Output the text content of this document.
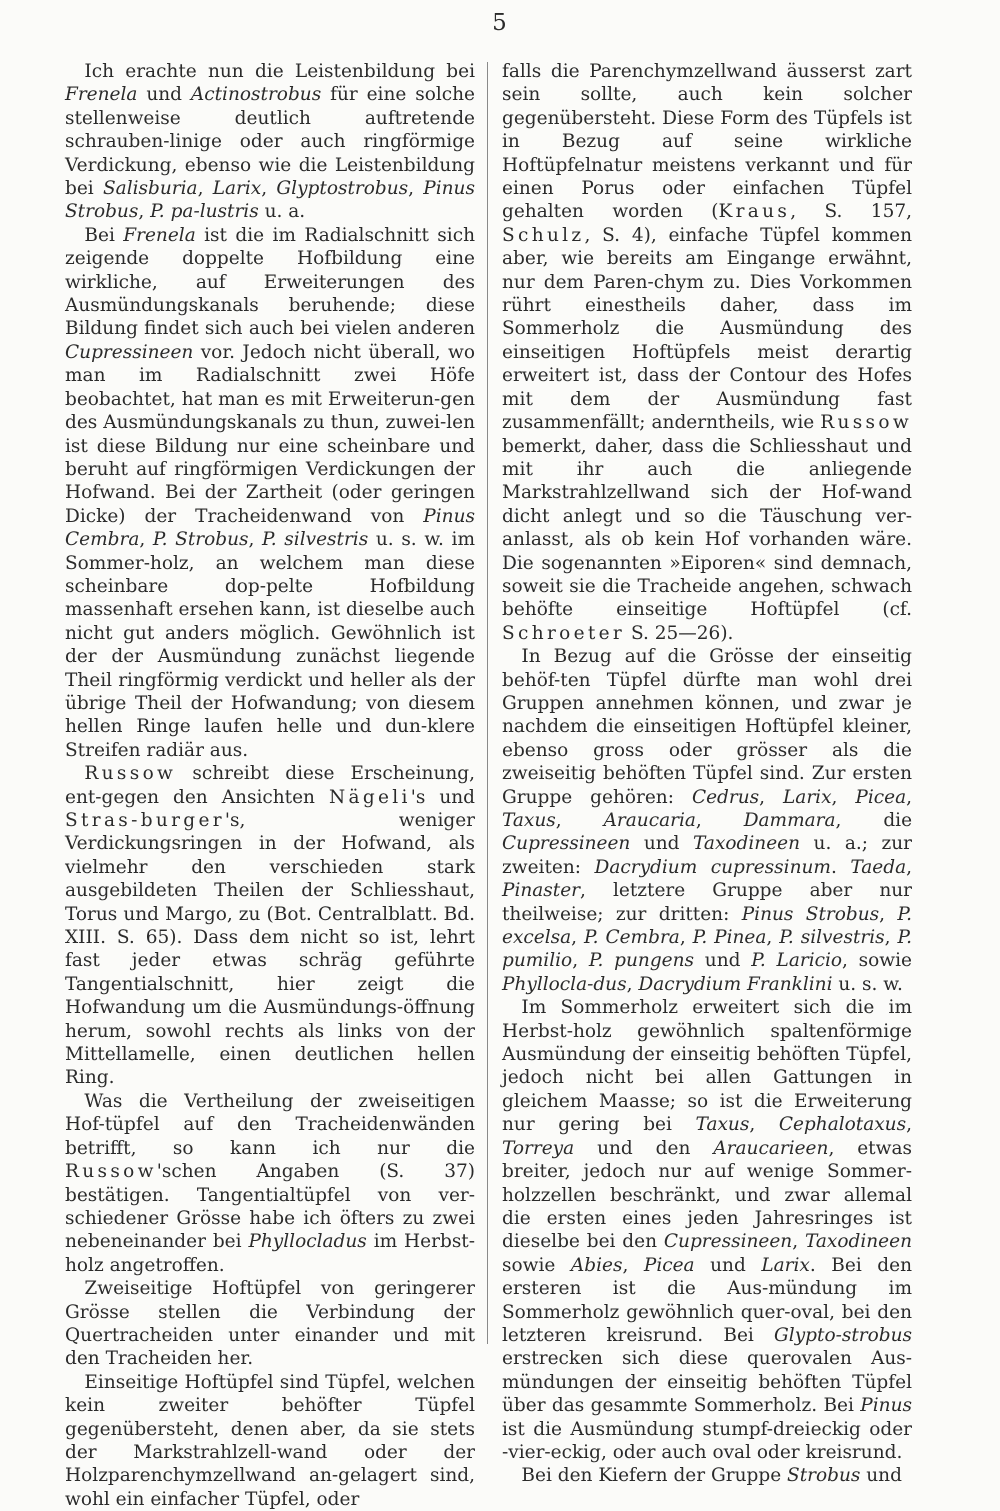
5

Ich erachte nun die Leistenbildung bei Frenela und Actinostrobus für eine solche stellenweise deutlich auftretende schrauben-linige oder auch ringförmige Verdickung, ebenso wie die Leistenbildung bei Salisburia, Larix, Glyptostrobus, Pinus Strobus, P. pa-lustris u. a.

Bei Frenela ist die im Radialschnitt sich zeigende doppelte Hofbildung eine wirkliche, auf Erweiterungen des Ausmündungskanals beruhende; diese Bildung findet sich auch bei vielen anderen Cupressineen vor. Jedoch nicht überall, wo man im Radialschnitt zwei Höfe beobachtet, hat man es mit Erweiterun-gen des Ausmündungskanals zu thun, zuwei-len ist diese Bildung nur eine scheinbare und beruht auf ringförmigen Verdickungen der Hofwand. Bei der Zartheit (oder geringen Dicke) der Tracheidenwand von Pinus Cembra, P. Strobus, P. silvestris u. s. w. im Sommer-holz, an welchem man diese scheinbare dop-pelte Hofbildung massenhaft ersehen kann, ist dieselbe auch nicht gut anders möglich. Gewöhnlich ist der der Ausmündung zunächst liegende Theil ringförmig verdickt und heller als der übrige Theil der Hofwandung; von diesem hellen Ringe laufen helle und dun-klere Streifen radiär aus.

Russow schreibt diese Erscheinung, ent-gegen den Ansichten Nägeli's und Stras-burger's, weniger Verdickungsringen in der Hofwand, als vielmehr den verschieden stark ausgebildeten Theilen der Schliesshaut, Torus und Margo, zu (Bot. Centralblatt. Bd. XIII. S. 65). Dass dem nicht so ist, lehrt fast jeder etwas schräg geführte Tangentialschnitt, hier zeigt die Hofwandung um die Ausmündungs-öffnung herum, sowohl rechts als links von der Mittellamelle, einen deutlichen hellen Ring.

Was die Vertheilung der zweiseitigen Hof-tüpfel auf den Tracheidenwänden betrifft, so kann ich nur die Russow'schen Angaben (S. 37) bestätigen. Tangentialtüpfel von ver-schiedener Grösse habe ich öfters zu zwei nebeneinander bei Phyllocladus im Herbst-holz angetroffen.

Zweiseitige Hoftüpfel von geringerer Grösse stellen die Verbindung der Quertracheiden unter einander und mit den Tracheiden her.

Einseitige Hoftüpfel sind Tüpfel, welchen kein zweiter behöfter Tüpfel gegenübersteht, denen aber, da sie stets der Markstrahlzell-wand oder der Holzparenchymzellwand an-gelagert sind, wohl ein einfacher Tüpfel, oder

falls die Parenchymzellwand äusserst zart sein sollte, auch kein solcher gegenübersteht. Diese Form des Tüpfels ist in Bezug auf seine wirkliche Hoftüpfelnatur meistens verkannt und für einen Porus oder einfachen Tüpfel gehalten worden (Kraus, S. 157, Schulz, S. 4), einfache Tüpfel kommen aber, wie bereits am Eingange erwähnt, nur dem Paren-chym zu. Dies Vorkommen rührt einestheils daher, dass im Sommerholz die Ausmündung des einseitigen Hoftüpfels meist derartig erweitert ist, dass der Contour des Hofes mit dem der Ausmündung fast zusammenfällt; anderntheils, wie Russow bemerkt, daher, dass die Schliesshaut und mit ihr auch die anliegende Markstrahlzellwand sich der Hof-wand dicht anlegt und so die Täuschung ver-anlasst, als ob kein Hof vorhanden wäre. Die sogenannten »Eiporen« sind demnach, soweit sie die Tracheide angehen, schwach behöfte einseitige Hoftüpfel (cf. Schroeter S. 25—26).

In Bezug auf die Grösse der einseitig behöf-ten Tüpfel dürfte man wohl drei Gruppen annehmen können, und zwar je nachdem die einseitigen Hoftüpfel kleiner, ebenso gross oder grösser als die zweiseitig behöften Tüpfel sind. Zur ersten Gruppe gehören: Cedrus, Larix, Picea, Taxus, Araucaria, Dammara, die Cupressineen und Taxodineen u. a.; zur zweiten: Dacrydium cupressinum. Taeda, Pinaster, letztere Gruppe aber nur theilweise; zur dritten: Pinus Strobus, P. excelsa, P. Cembra, P. Pinea, P. silvestris, P. pumilio, P. pungens und P. Laricio, sowie Phylloclа-dus, Dacrydium Franklini u. s. w.

Im Sommerholz erweitert sich die im Herbst-holz gewöhnlich spaltenförmige Ausmündung der einseitig behöften Tüpfel, jedoch nicht bei allen Gattungen in gleichem Maasse; so ist die Erweiterung nur gering bei Taxus, Cephalotaxus, Torreya und den Araucarieen, etwas breiter, jedoch nur auf wenige Sommer-holzzellen beschränkt, und zwar allemal die ersten eines jeden Jahresringes ist dieselbe bei den Cupressineen, Taxodineen sowie Abies, Picea und Larix. Bei den ersteren ist die Aus-mündung im Sommerholz gewöhnlich quer-oval, bei den letzteren kreisrund. Bei Glypto-strobus erstrecken sich diese querovalen Aus-mündungen der einseitig behöften Tüpfel über das gesammte Sommerholz. Bei Pinus ist die Ausmündung stumpf-dreieckig oder -vier-eckig, oder auch oval oder kreisrund.

Bei den Kiefern der Gruppe Strobus und
